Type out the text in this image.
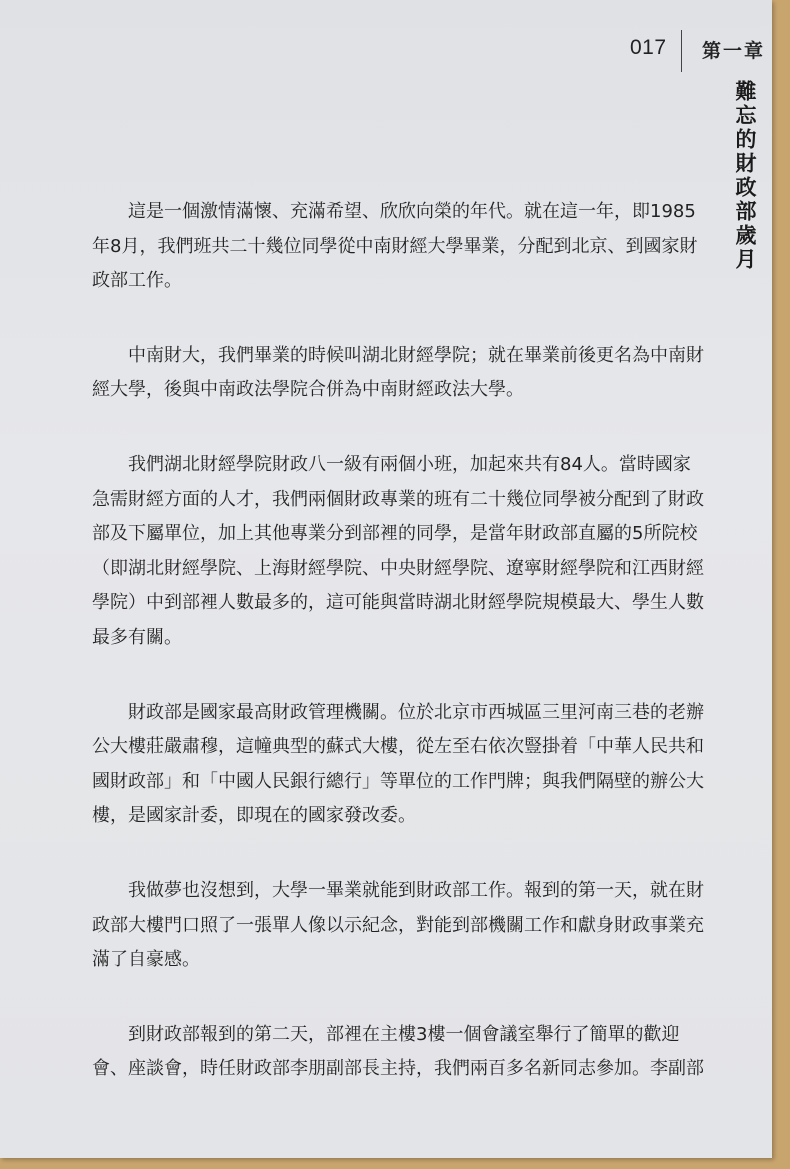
017 第一章
難忘的財政部歲月

這是一個激情滿懷、充滿希望、欣欣向榮的年代。就在這一年，即1985
年8月，我們班共二十幾位同學從中南財經大學畢業，分配到北京、到國家財
政部工作。

中南財大，我們畢業的時候叫湖北財經學院；就在畢業前後更名為中南財
經大學，後與中南政法學院合併為中南財經政法大學。

我們湖北財經學院財政八一級有兩個小班，加起來共有84人。當時國家
急需財經方面的人才，我們兩個財政專業的班有二十幾位同學被分配到了財政
部及下屬單位，加上其他專業分到部裡的同學，是當年財政部直屬的5所院校
（即湖北財經學院、上海財經學院、中央財經學院、遼寧財經學院和江西財經
學院）中到部裡人數最多的，這可能與當時湖北財經學院規模最大、學生人數
最多有關。

財政部是國家最高財政管理機關。位於北京市西城區三里河南三巷的老辦
公大樓莊嚴肅穆，這幢典型的蘇式大樓，從左至右依次豎掛着「中華人民共和
國財政部」和「中國人民銀行總行」等單位的工作門牌；與我們隔壁的辦公大
樓，是國家計委，即現在的國家發改委。

我做夢也沒想到，大學一畢業就能到財政部工作。報到的第一天，就在財
政部大樓門口照了一張單人像以示紀念，對能到部機關工作和獻身財政事業充
滿了自豪感。

到財政部報到的第二天，部裡在主樓3樓一個會議室舉行了簡單的歡迎
會、座談會，時任財政部李朋副部長主持，我們兩百多名新同志參加。李副部
